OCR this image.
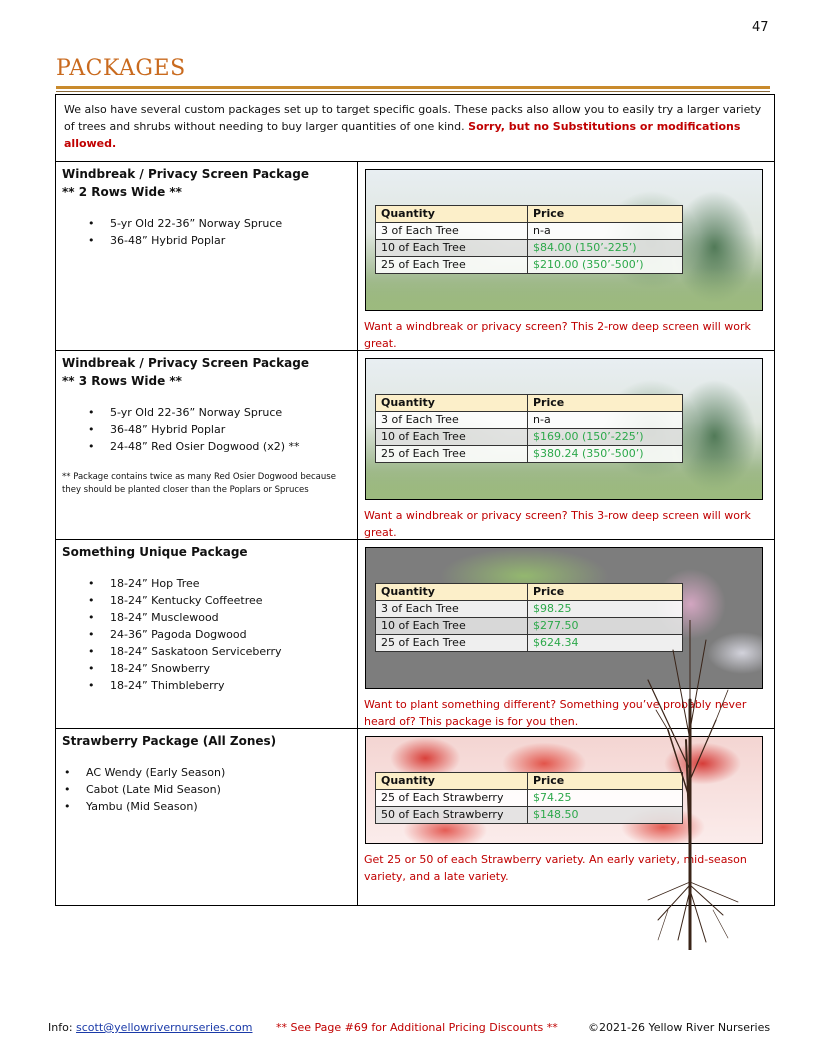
47
PACKAGES
We also have several custom packages set up to target specific goals. These packs also allow you to easily try a larger variety of trees and shrubs without needing to buy larger quantities of one kind. Sorry, but no Substitutions or modifications allowed.
Windbreak / Privacy Screen Package
** 2 Rows Wide **
• 5-yr Old 22-36” Norway Spruce
• 36-48” Hybrid Poplar
Quantity	Price
3 of Each Tree	n-a
10 of Each Tree	$84.00 (150’-225’)
25 of Each Tree	$210.00 (350’-500’)
Want a windbreak or privacy screen? This 2-row deep screen will work great.
Windbreak / Privacy Screen Package
** 3 Rows Wide **
• 5-yr Old 22-36” Norway Spruce
• 36-48” Hybrid Poplar
• 24-48” Red Osier Dogwood (x2) **
** Package contains twice as many Red Osier Dogwood because they should be planted closer than the Poplars or Spruces
Quantity	Price
3 of Each Tree	n-a
10 of Each Tree	$169.00 (150’-225’)
25 of Each Tree	$380.24 (350’-500’)
Want a windbreak or privacy screen? This 3-row deep screen will work great.
Something Unique Package
• 18-24” Hop Tree
• 18-24” Kentucky Coffeetree
• 18-24” Musclewood
• 24-36” Pagoda Dogwood
• 18-24” Saskatoon Serviceberry
• 18-24” Snowberry
• 18-24” Thimbleberry
Quantity	Price
3 of Each Tree	$98.25
10 of Each Tree	$277.50
25 of Each Tree	$624.34
Want to plant something different? Something you’ve probably never heard of? This package is for you then.
Strawberry Package (All Zones)
• AC Wendy (Early Season)
• Cabot (Late Mid Season)
• Yambu (Mid Season)
Quantity	Price
25 of Each Strawberry	$74.25
50 of Each Strawberry	$148.50
Get 25 or 50 of each Strawberry variety. An early variety, mid-season variety, and a late variety.
Info: scott@yellowrivernurseries.com ** See Page #69 for Additional Pricing Discounts **	©2021-26 Yellow River Nurseries
